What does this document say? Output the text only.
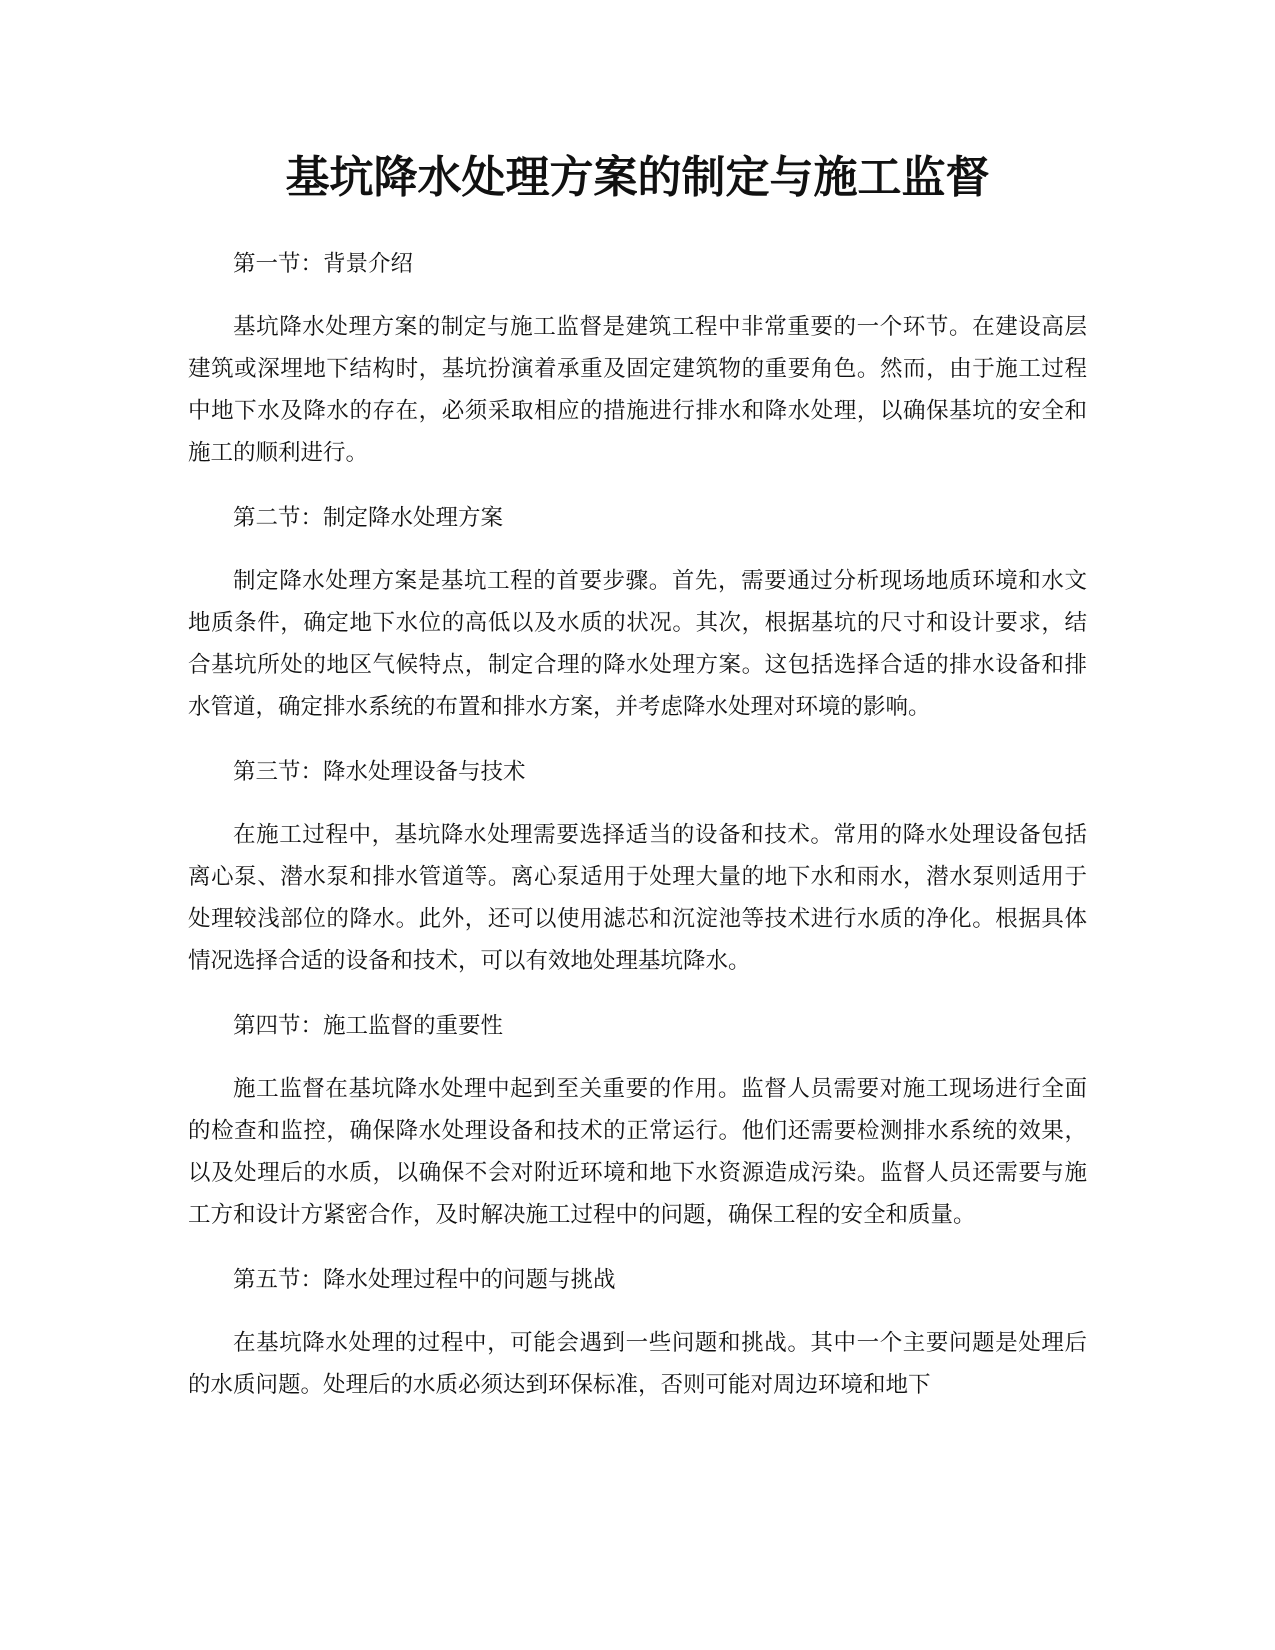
基坑降水处理方案的制定与施工监督

第一节：背景介绍

基坑降水处理方案的制定与施工监督是建筑工程中非常重要的一个环节。在建设高层建筑或深埋地下结构时，基坑扮演着承重及固定建筑物的重要角色。然而，由于施工过程中地下水及降水的存在，必须采取相应的措施进行排水和降水处理，以确保基坑的安全和施工的顺利进行。

第二节：制定降水处理方案

制定降水处理方案是基坑工程的首要步骤。首先，需要通过分析现场地质环境和水文地质条件，确定地下水位的高低以及水质的状况。其次，根据基坑的尺寸和设计要求，结合基坑所处的地区气候特点，制定合理的降水处理方案。这包括选择合适的排水设备和排水管道，确定排水系统的布置和排水方案，并考虑降水处理对环境的影响。

第三节：降水处理设备与技术

在施工过程中，基坑降水处理需要选择适当的设备和技术。常用的降水处理设备包括离心泵、潜水泵和排水管道等。离心泵适用于处理大量的地下水和雨水，潜水泵则适用于处理较浅部位的降水。此外，还可以使用滤芯和沉淀池等技术进行水质的净化。根据具体情况选择合适的设备和技术，可以有效地处理基坑降水。

第四节：施工监督的重要性

施工监督在基坑降水处理中起到至关重要的作用。监督人员需要对施工现场进行全面的检查和监控，确保降水处理设备和技术的正常运行。他们还需要检测排水系统的效果，以及处理后的水质，以确保不会对附近环境和地下水资源造成污染。监督人员还需要与施工方和设计方紧密合作，及时解决施工过程中的问题，确保工程的安全和质量。

第五节：降水处理过程中的问题与挑战

在基坑降水处理的过程中，可能会遇到一些问题和挑战。其中一个主要问题是处理后的水质问题。处理后的水质必须达到环保标准，否则可能对周边环境和地下
